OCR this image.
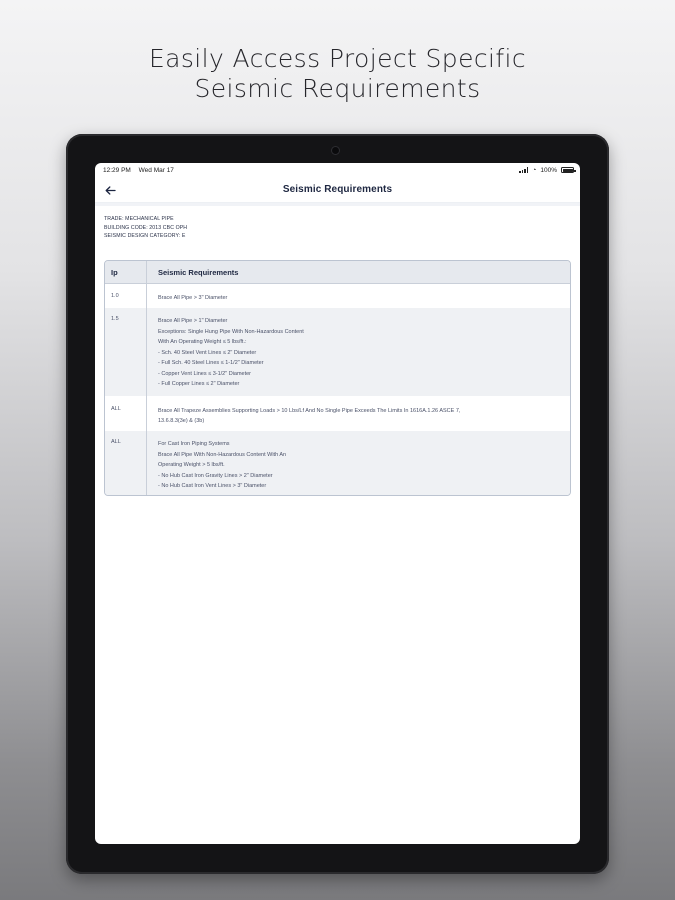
Easily Access Project Specific
Seismic Requirements
12:29 PM Wed Mar 17	◔ 100%
Seismic Requirements
TRADE: MECHANICAL PIPE
BUILDING CODE: 2013 CBC OPH
SEISMIC DESIGN CATEGORY: E
Ip	Seismic Requirements
1.0	Brace All Pipe > 3" Diameter
1.5	Brace All Pipe > 1" Diameter
Exceptions: Single Hung Pipe With Non-Hazardous Content
With An Operating Weight ≤ 5 lbs/ft.:
- Sch. 40 Steel Vent Lines ≤ 2" Diameter
- Full Sch. 40 Steel Lines ≤ 1-1/2" Diameter
- Copper Vent Lines ≤ 3-1/2" Diameter
- Full Copper Lines ≤ 2" Diameter
ALL	Brace All Trapeze Assemblies Supporting Loads > 10 Lbs/Lf And No Single Pipe Exceeds The Limits In 1616A.1.26 ASCE 7,
13.6.8.3(3e) & (3b)
ALL	For Cast Iron Piping Systems
Brace All Pipe With Non-Hazardous Content With An
Operating Weight > 5 lbs/ft.
- No Hub Cast Iron Gravity Lines > 2" Diameter
- No Hub Cast Iron Vent Lines > 3" Diameter
